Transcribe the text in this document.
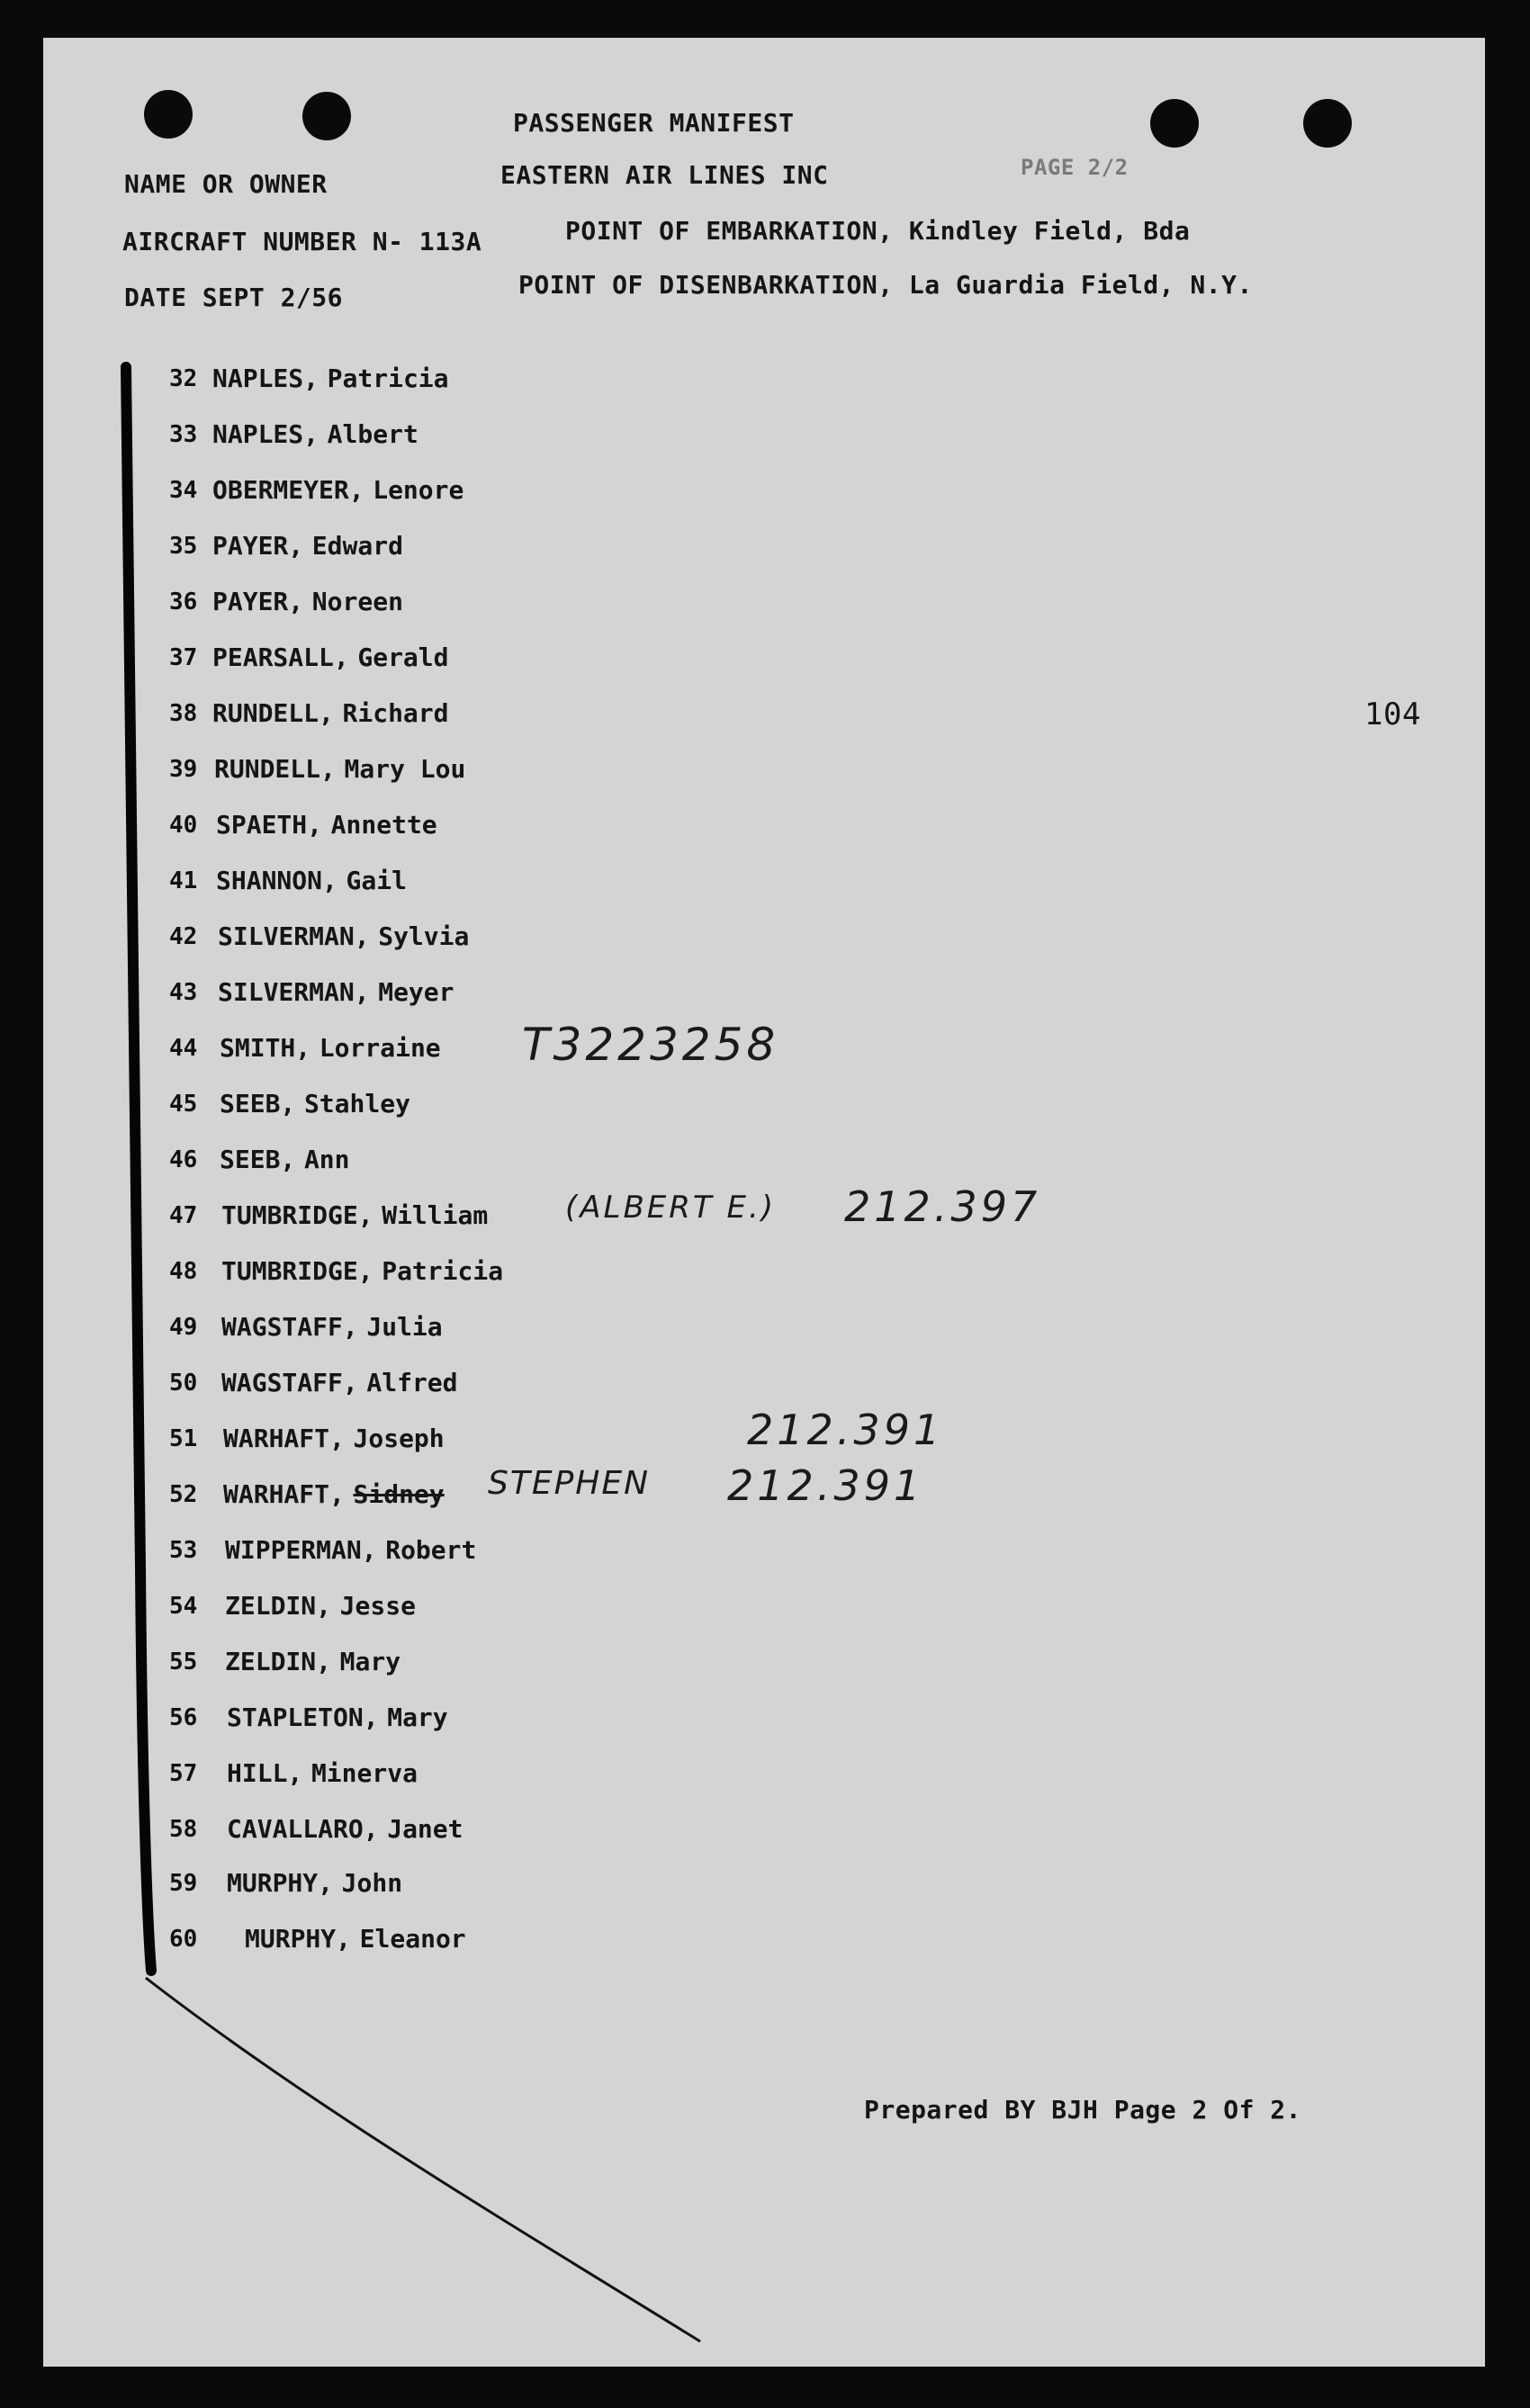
PASSENGER MANIFEST
NAME OR OWNER	EASTERN AIR LINES INC	PAGE 2/2
AIRCRAFT NUMBER N- 113A	POINT OF EMBARKATION, Kindley Field, Bda
DATE SEPT 2/56	POINT OF DISENBARKATION, La Guardia Field, N.Y.
104
32 NAPLES, Patricia
33 NAPLES, Albert
34 OBERMEYER, Lenore
35 PAYER, Edward
36 PAYER, Noreen
37 PEARSALL, Gerald
38 RUNDELL, Richard
39 RUNDELL, Mary Lou
40 SPAETH, Annette
41 SHANNON, Gail
42 SILVERMAN, Sylvia
43 SILVERMAN, Meyer
44 SMITH, Lorraine
45 SEEB, Stahley
46 SEEB, Ann
47 TUMBRIDGE, William
48 TUMBRIDGE, Patricia
49 WAGSTAFF, Julia
50 WAGSTAFF, Alfred
51	WARHAFT, Joseph
52	WARHAFT, Sidney
53	WIPPERMAN, Robert
54	ZELDIN, Jesse
55	ZELDIN, Mary
56	STAPLETON, Mary
57	HILL, Minerva
58	CAVALLARO, Janet
59	MURPHY, John
60	MURPHY, Eleanor
T3223258
(ALBERT E.) 212.397
212.391
STEPHEN 212.391
Prepared BY BJH Page 2 Of 2.
